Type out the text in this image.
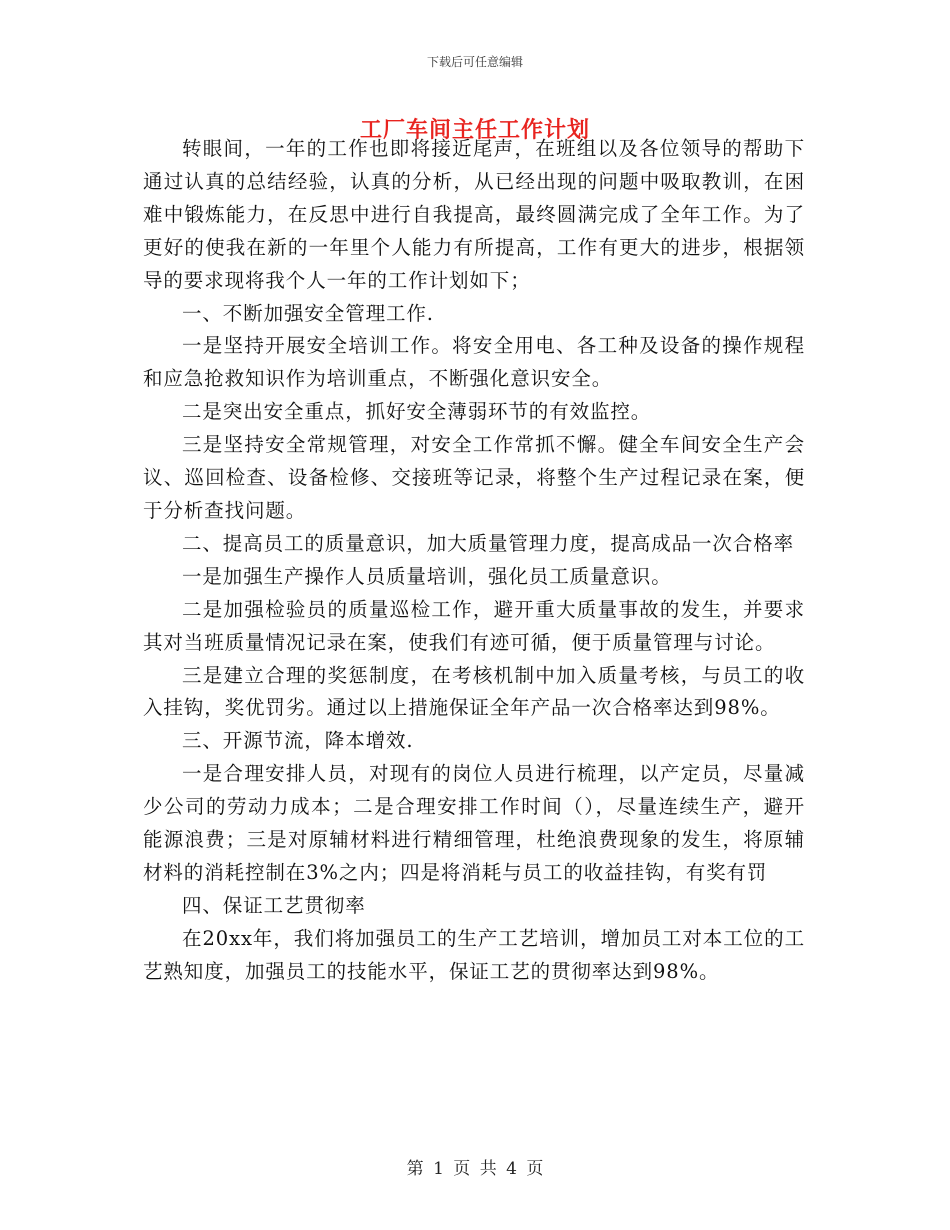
下载后可任意编辑
工厂车间主任工作计划

转眼间，一年的工作也即将接近尾声，在班组以及各位领导的帮助下通过认真的总结经验，认真的分析，从已经出现的问题中吸取教训，在困难中锻炼能力，在反思中进行自我提高，最终圆满完成了全年工作。为了更好的使我在新的一年里个人能力有所提高，工作有更大的进步，根据领导的要求现将我个人一年的工作计划如下；

一、不断加强安全管理工作.

一是坚持开展安全培训工作。将安全用电、各工种及设备的操作规程和应急抢救知识作为培训重点，不断强化意识安全。

二是突出安全重点，抓好安全薄弱环节的有效监控。

三是坚持安全常规管理，对安全工作常抓不懈。健全车间安全生产会议、巡回检查、设备检修、交接班等记录，将整个生产过程记录在案，便于分析查找问题。

二、提高员工的质量意识，加大质量管理力度，提高成品一次合格率

一是加强生产操作人员质量培训，强化员工质量意识。

二是加强检验员的质量巡检工作，避开重大质量事故的发生，并要求其对当班质量情况记录在案，使我们有迹可循，便于质量管理与讨论。

三是建立合理的奖惩制度，在考核机制中加入质量考核，与员工的收入挂钩，奖优罚劣。通过以上措施保证全年产品一次合格率达到98%。

三、开源节流，降本增效.

一是合理安排人员，对现有的岗位人员进行梳理，以产定员，尽量减少公司的劳动力成本；二是合理安排工作时间（），尽量连续生产，避开能源浪费；三是对原辅材料进行精细管理，杜绝浪费现象的发生，将原辅材料的消耗控制在3%之内；四是将消耗与员工的收益挂钩，有奖有罚

四、保证工艺贯彻率

在20xx年，我们将加强员工的生产工艺培训，增加员工对本工位的工艺熟知度，加强员工的技能水平，保证工艺的贯彻率达到98%。

第 1 页 共 4 页
